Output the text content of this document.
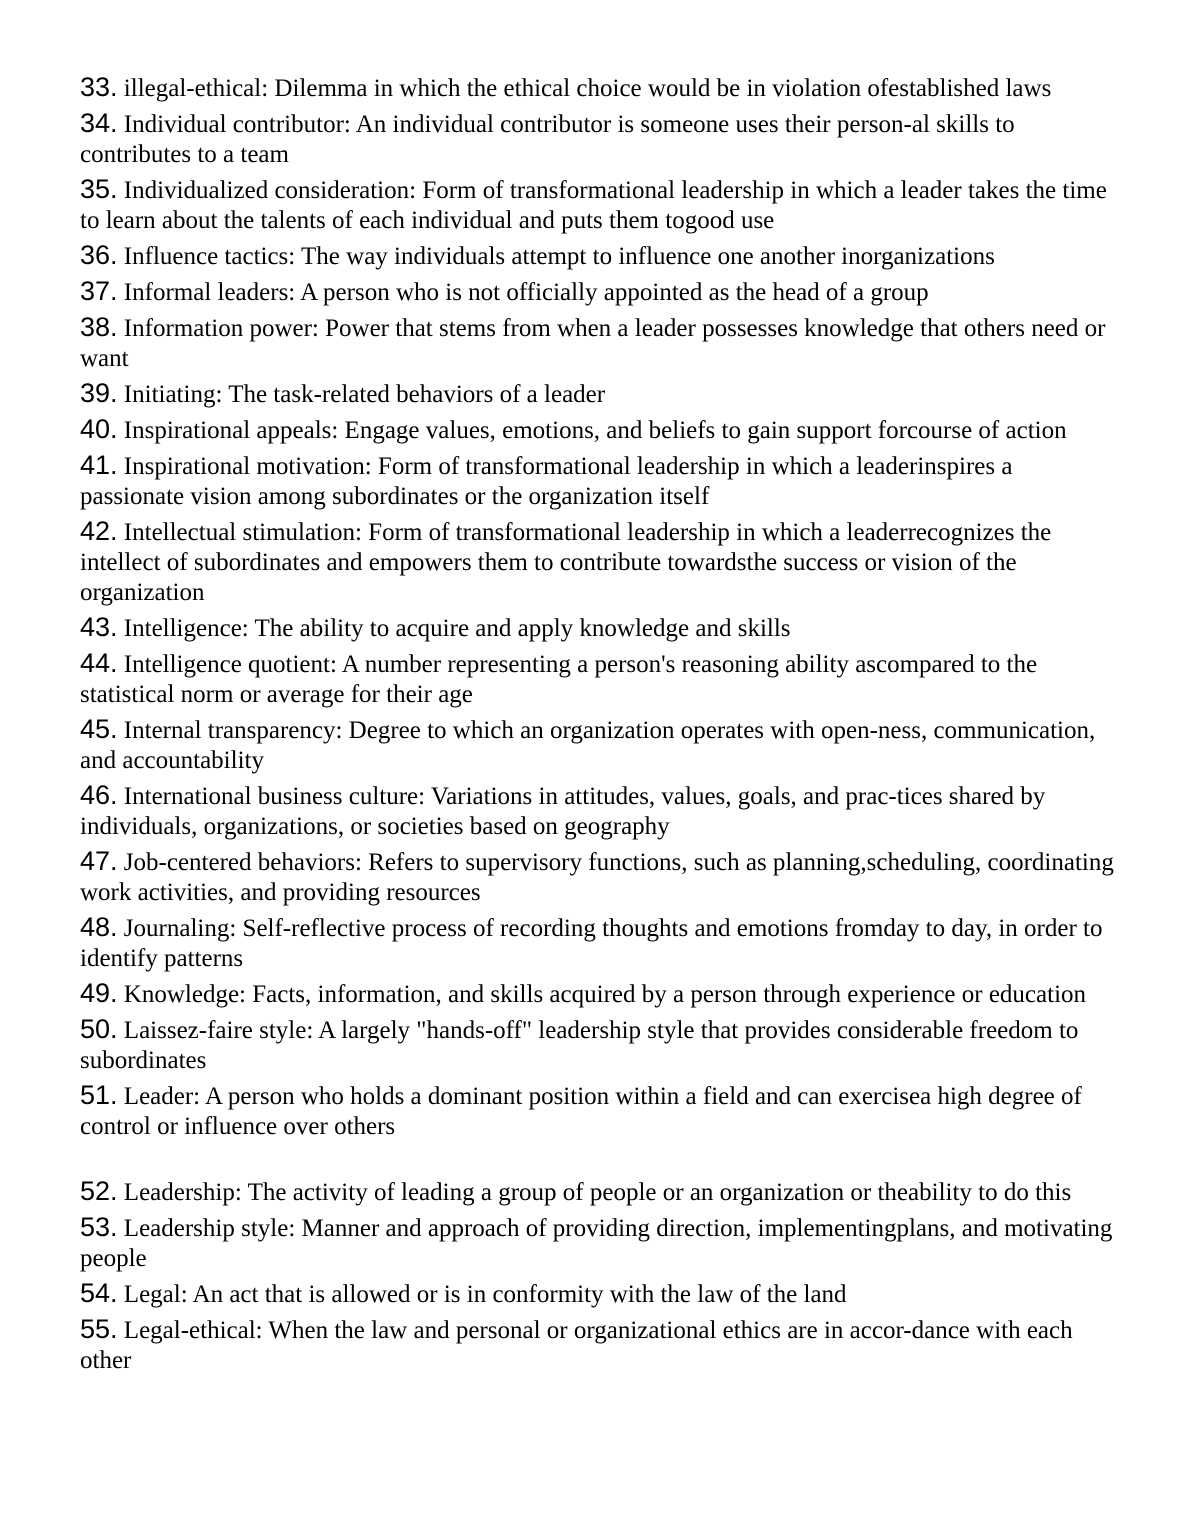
33. illegal-ethical: Dilemma in which the ethical choice would be in violation ofestablished laws

34. Individual contributor: An individual contributor is someone uses their person-al skills to contributes to a team

35. Individualized consideration: Form of transformational leadership in which a leader takes the time to learn about the talents of each individual and puts them togood use

36. Influence tactics: The way individuals attempt to influence one another inorganizations

37. Informal leaders: A person who is not officially appointed as the head of a group

38. Information power: Power that stems from when a leader possesses knowledge that others need or want

39. Initiating: The task-related behaviors of a leader

40. Inspirational appeals: Engage values, emotions, and beliefs to gain support forcourse of action

41. Inspirational motivation: Form of transformational leadership in which a leaderinspires a passionate vision among subordinates or the organization itself

42. Intellectual stimulation: Form of transformational leadership in which a leaderrecognizes the intellect of subordinates and empowers them to contribute towardsthe success or vision of the organization

43. Intelligence: The ability to acquire and apply knowledge and skills

44. Intelligence quotient: A number representing a person's reasoning ability ascompared to the statistical norm or average for their age

45. Internal transparency: Degree to which an organization operates with open-ness, communication, and accountability

46. International business culture: Variations in attitudes, values, goals, and prac-tices shared by individuals, organizations, or societies based on geography

47. Job-centered behaviors: Refers to supervisory functions, such as planning,scheduling, coordinating work activities, and providing resources

48. Journaling: Self-reflective process of recording thoughts and emotions fromday to day, in order to identify patterns

49. Knowledge: Facts, information, and skills acquired by a person through experience or education

50. Laissez-faire style: A largely "hands-off" leadership style that provides considerable freedom to subordinates

51. Leader: A person who holds a dominant position within a field and can exercisea high degree of control or influence over others

52. Leadership: The activity of leading a group of people or an organization or theability to do this

53. Leadership style: Manner and approach of providing direction, implementingplans, and motivating people

54. Legal: An act that is allowed or is in conformity with the law of the land

55. Legal-ethical: When the law and personal or organizational ethics are in accor-dance with each other
